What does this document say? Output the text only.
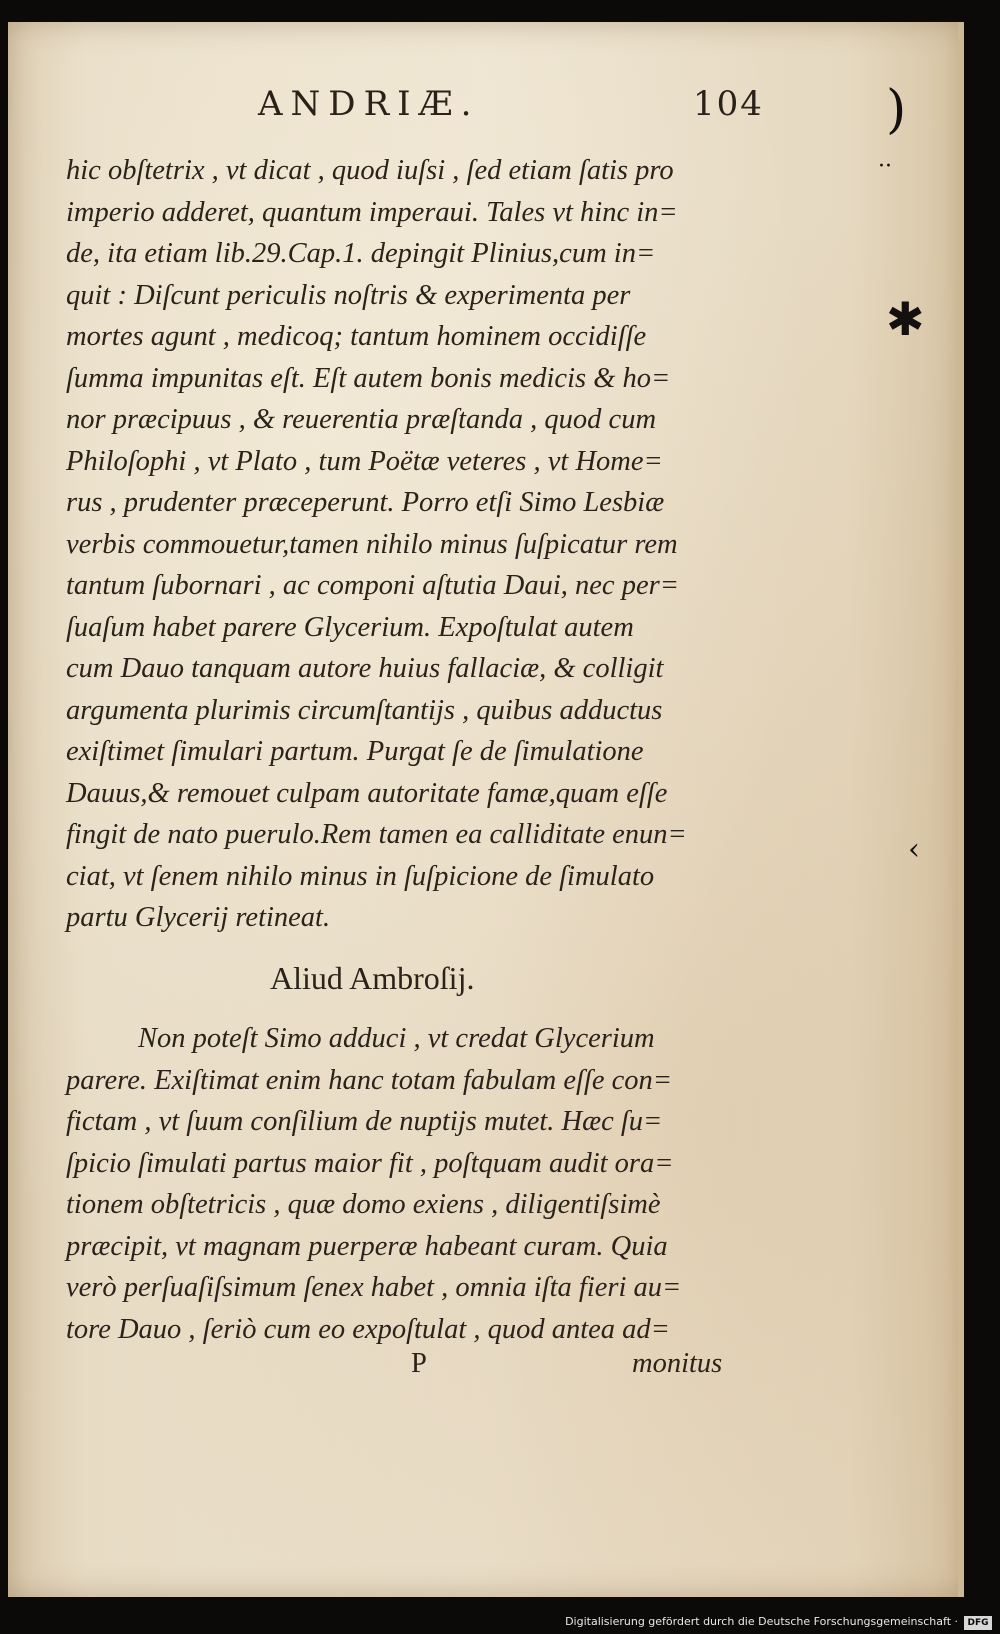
ANDRIÆ.	104
hic obſtetrix , vt dicat , quod iuſsi , ſed etiam ſatis pro
imperio adderet, quantum imperaui. Tales vt hinc in=
de, ita etiam lib.29.Cap.1. depingit Plinius,cum in=
quit : Diſcunt periculis noſtris & experimenta per
mortes agunt , medicoq; tantum hominem occidiſſe
ſumma impunitas eſt. Eſt autem bonis medicis & ho=
nor præcipuus , & reuerentia præſtanda , quod cum
Philoſophi , vt Plato , tum Poëtæ veteres , vt Home=
rus , prudenter præceperunt. Porro etſi Simo Lesbiæ
verbis commouetur,tamen nihilo minus ſuſpicatur rem
tantum ſubornari , ac componi aſtutia Daui, nec per=
ſuaſum habet parere Glycerium. Expoſtulat autem
cum Dauo tanquam autore huius fallaciæ, & colligit
argumenta plurimis circumſtantijs , quibus adductus
exiſtimet ſimulari partum. Purgat ſe de ſimulatione
Dauus,& remouet culpam autoritate famæ,quam eſſe
fingit de nato puerulo.Rem tamen ea calliditate enun=
ciat, vt ſenem nihilo minus in ſuſpicione de ſimulato
partu Glycerij retineat.
Aliud Ambroſij.
Non poteſt Simo adduci , vt credat Glycerium
parere. Exiſtimat enim hanc totam fabulam eſſe con=
fictam , vt ſuum conſilium de nuptijs mutet. Hæc ſu=
ſpicio ſimulati partus maior fit , poſtquam audit ora=
tionem obſtetricis , quæ domo exiens , diligentiſsimè
præcipit, vt magnam puerperæ habeant curam. Quia
verò perſuaſiſsimum ſenex habet , omnia iſta fieri au=
tore Dauo , ſeriò cum eo expoſtulat , quod antea ad=
P	monitus
)
··
✱
‹
Digitalisierung gefördert durch die Deutsche Forschungsgemeinschaft ·	DFG
